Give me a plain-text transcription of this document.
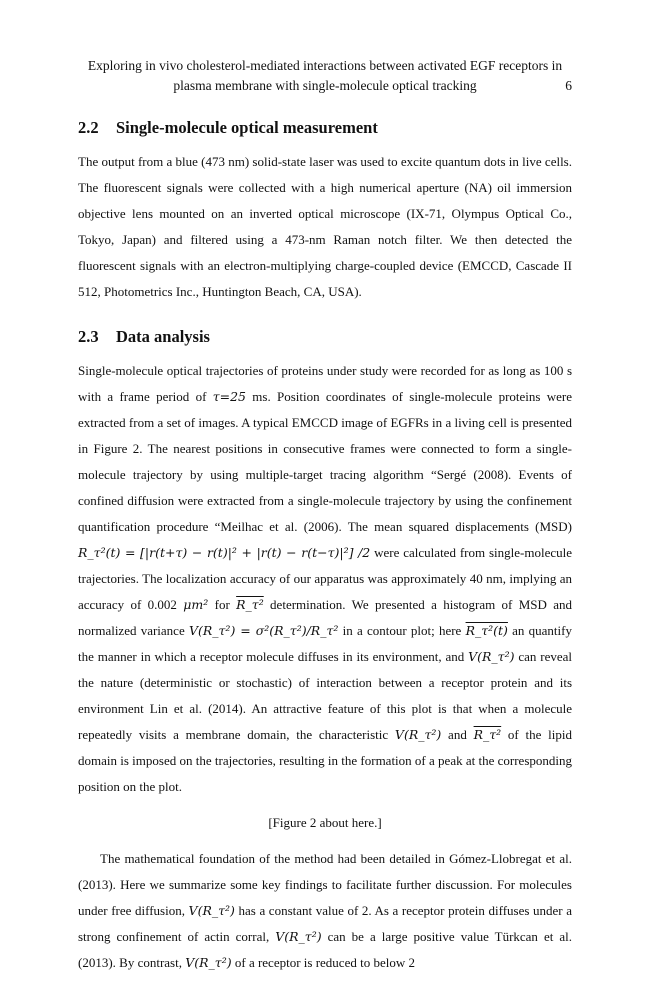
Exploring in vivo cholesterol-mediated interactions between activated EGF receptors in
plasma membrane with single-molecule optical tracking	6
2.2 Single-molecule optical measurement

The output from a blue (473 nm) solid-state laser was used to excite quantum dots in live cells. The fluorescent signals were collected with a high numerical aperture (NA) oil immersion objective lens mounted on an inverted optical microscope (IX-71, Olympus Optical Co., Tokyo, Japan) and filtered using a 473-nm Raman notch filter. We then detected the fluorescent signals with an electron-multiplying charge-coupled device (EMCCD, Cascade II 512, Photometrics Inc., Huntington Beach, CA, USA).

2.3 Data analysis

Single-molecule optical trajectories of proteins under study were recorded for as long as 100 s with a frame period of τ=25 ms. Position coordinates of single-molecule proteins were extracted from a set of images. A typical EMCCD image of EGFRs in a living cell is presented in Figure 2. The nearest positions in consecutive frames were connected to form a single-molecule trajectory by using multiple-target tracing algorithm “Sergé (2008). Events of confined diffusion were extracted from a single-molecule trajectory by using the confinement quantification procedure “Meilhac et al. (2006). The mean squared displacements (MSD) R_τ²(t) = [|r(t+τ) − r(t)|² + |r(t) − r(t−τ)|²] /2 were calculated from single-molecule trajectories. The localization accuracy of our apparatus was approximately 40 nm, implying an accuracy of 0.002 μm² for R_τ² determination. We presented a histogram of MSD and normalized variance V(R_τ²) = σ²(R_τ²)/R_τ² in a contour plot; here R_τ²(t) an quantify the manner in which a receptor molecule diffuses in its environment, and V(R_τ²) can reveal the nature (deterministic or stochastic) of interaction between a receptor protein and its environment Lin et al. (2014). An attractive feature of this plot is that when a molecule repeatedly visits a membrane domain, the characteristic V(R_τ²) and R_τ² of the lipid domain is imposed on the trajectories, resulting in the formation of a peak at the corresponding position on the plot.

[Figure 2 about here.]

The mathematical foundation of the method had been detailed in Gómez-Llobregat et al. (2013). Here we summarize some key findings to facilitate further discussion. For molecules under free diffusion, V(R_τ²) has a constant value of 2. As a receptor protein diffuses under a strong confinement of actin corral, V(R_τ²) can be a large positive value Türkcan et al. (2013). By contrast, V(R_τ²) of a receptor is reduced to below 2
